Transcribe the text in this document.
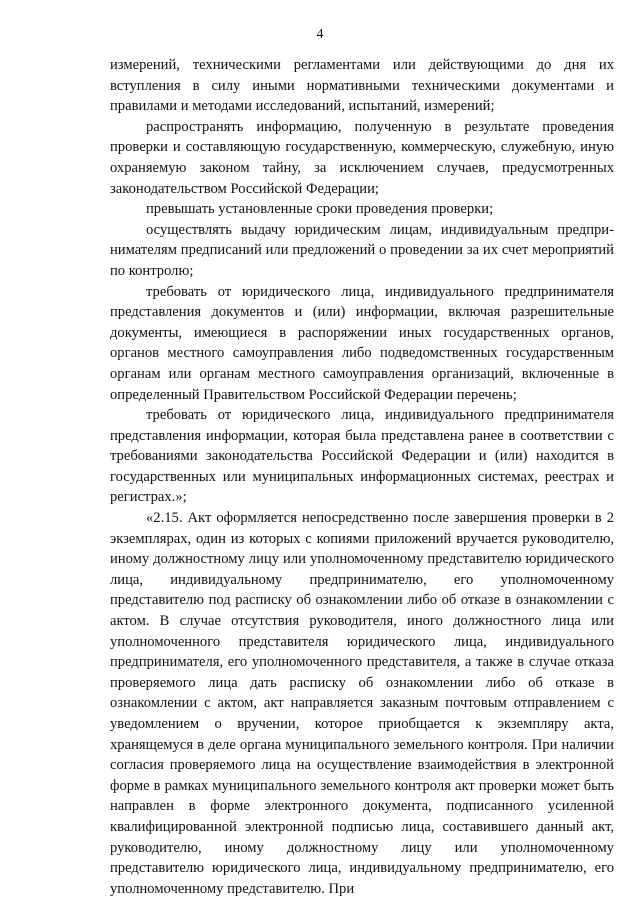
4

измерений, техническими регламентами или действующими до дня их вступления в силу иными нормативными техническими документами и правилами и методами исследований, испытаний, измерений;

распространять информацию, полученную в результате проведения проверки и составляющую государственную, коммерческую, служебную, иную охраняемую законом тайну, за исключением случаев, предусмотренных законодательством Российской Федерации;

превышать установленные сроки проведения проверки;

осуществлять выдачу юридическим лицам, индивидуальным предпринимателям предписаний или предложений о проведении за их счет мероприятий по контролю;

требовать от юридического лица, индивидуального предпринимателя представления документов и (или) информации, включая разрешительные документы, имеющиеся в распоряжении иных государственных органов, органов местного самоуправления либо подведомственных государственным органам или органам местного самоуправления организаций, включенные в определенный Правительством Российской Федерации перечень;

требовать от юридического лица, индивидуального предпринимателя представления информации, которая была представлена ранее в соответствии с требованиями законодательства Российской Федерации и (или) находится в государственных или муниципальных информационных системах, реестрах и регистрах.»;

«2.15. Акт оформляется непосредственно после завершения проверки в 2 экземплярах, один из которых с копиями приложений вручается руководителю, иному должностному лицу или уполномоченному представителю юридического лица, индивидуальному предпринимателю, его уполномоченному представителю под расписку об ознакомлении либо об отказе в ознакомлении с актом. В случае отсутствия руководителя, иного должностного лица или уполномоченного представителя юридического лица, индивидуального предпринимателя, его уполномоченного представителя, а также в случае отказа проверяемого лица дать расписку об ознакомлении либо об отказе в ознакомлении с актом, акт направляется заказным почтовым отправлением с уведомлением о вручении, которое приобщается к экземпляру акта, хранящемуся в деле органа муниципального земельного контроля. При наличии согласия проверяемого лица на осуществление взаимодействия в электронной форме в рамках муниципального земельного контроля акт проверки может быть направлен в форме электронного документа, подписанного усиленной квалифицированной электронной подписью лица, составившего данный акт, руководителю, иному должностному лицу или уполномоченному представителю юридического лица, индивидуальному предпринимателю, его уполномоченному представителю. При
